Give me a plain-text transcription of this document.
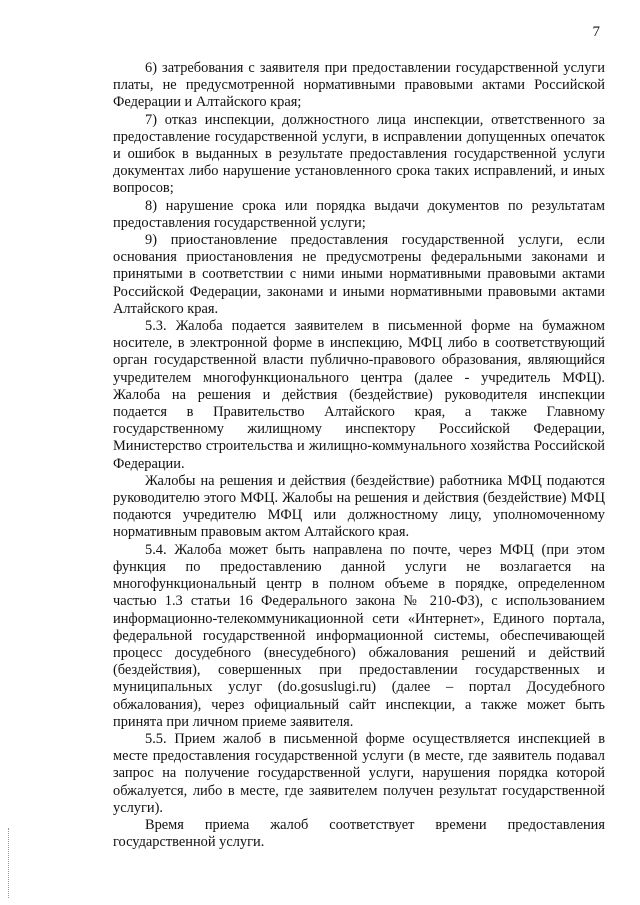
7

6) затребования с заявителя при предоставлении государственной услуги платы, не предусмотренной нормативными правовыми актами Российской Федерации и Алтайского края;

7) отказ инспекции, должностного лица инспекции, ответственного за предоставление государственной услуги, в исправлении допущенных опечаток и ошибок в выданных в результате предоставления государственной услуги документах либо нарушение установленного срока таких исправлений, и иных вопросов;

8) нарушение срока или порядка выдачи документов по результатам предоставления государственной услуги;

9) приостановление предоставления государственной услуги, если основания приостановления не предусмотрены федеральными законами и принятыми в соответствии с ними иными нормативными правовыми актами Российской Федерации, законами и иными нормативными правовыми актами Алтайского края.

5.3. Жалоба подается заявителем в письменной форме на бумажном носителе, в электронной форме в инспекцию, МФЦ либо в соответствующий орган государственной власти публично-правового образования, являющийся учредителем многофункционального центра (далее - учредитель МФЦ). Жалоба на решения и действия (бездействие) руководителя инспекции подается в Правительство Алтайского края, а также Главному государственному жилищному инспектору Российской Федерации, Министерство строительства и жилищно-коммунального хозяйства Российской Федерации.

Жалобы на решения и действия (бездействие) работника МФЦ подаются руководителю этого МФЦ. Жалобы на решения и действия (бездействие) МФЦ подаются учредителю МФЦ или должностному лицу, уполномоченному нормативным правовым актом Алтайского края.

5.4. Жалоба может быть направлена по почте, через МФЦ (при этом функция по предоставлению данной услуги не возлагается на многофункциональный центр в полном объеме в порядке, определенном частью 1.3 статьи 16 Федерального закона № 210-ФЗ), с использованием информационно-телекоммуникационной сети «Интернет», Единого портала, федеральной государственной информационной системы, обеспечивающей процесс досудебного (внесудебного) обжалования решений и действий (бездействия), совершенных при предоставлении государственных и муниципальных услуг (do.gosuslugi.ru) (далее – портал Досудебного обжалования), через официальный сайт инспекции, а также может быть принята при личном приеме заявителя.

5.5. Прием жалоб в письменной форме осуществляется инспекцией в месте предоставления государственной услуги (в месте, где заявитель подавал запрос на получение государственной услуги, нарушения порядка которой обжалуется, либо в месте, где заявителем получен результат государственной услуги).

Время приема жалоб соответствует времени предоставления государственной услуги.
